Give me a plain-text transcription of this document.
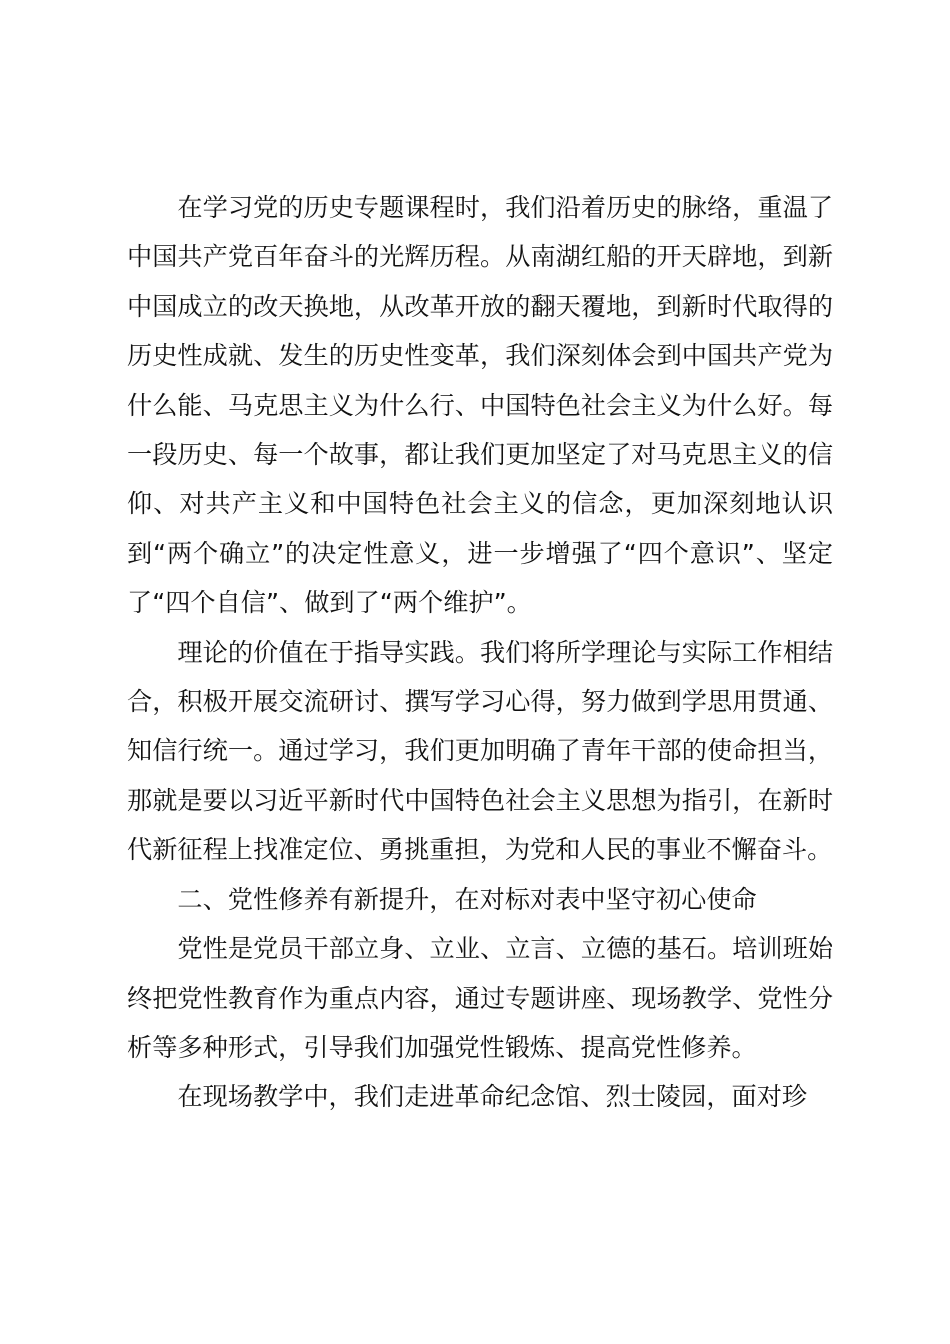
在学习党的历史专题课程时，我们沿着历史的脉络，重温了中国共产党百年奋斗的光辉历程。从南湖红船的开天辟地，到新中国成立的改天换地，从改革开放的翻天覆地，到新时代取得的历史性成就、发生的历史性变革，我们深刻体会到中国共产党为什么能、马克思主义为什么行、中国特色社会主义为什么好。每一段历史、每一个故事，都让我们更加坚定了对马克思主义的信仰、对共产主义和中国特色社会主义的信念，更加深刻地认识到“两个确立”的决定性意义，进一步增强了“四个意识”、坚定了“四个自信”、做到了“两个维护”。

理论的价值在于指导实践。我们将所学理论与实际工作相结合，积极开展交流研讨、撰写学习心得，努力做到学思用贯通、知信行统一。通过学习，我们更加明确了青年干部的使命担当，那就是要以习近平新时代中国特色社会主义思想为指引，在新时代新征程上找准定位、勇挑重担，为党和人民的事业不懈奋斗。

二、党性修养有新提升，在对标对表中坚守初心使命

党性是党员干部立身、立业、立言、立德的基石。培训班始终把党性教育作为重点内容，通过专题讲座、现场教学、党性分析等多种形式，引导我们加强党性锻炼、提高党性修养。

在现场教学中，我们走进革命纪念馆、烈士陵园，面对珍
